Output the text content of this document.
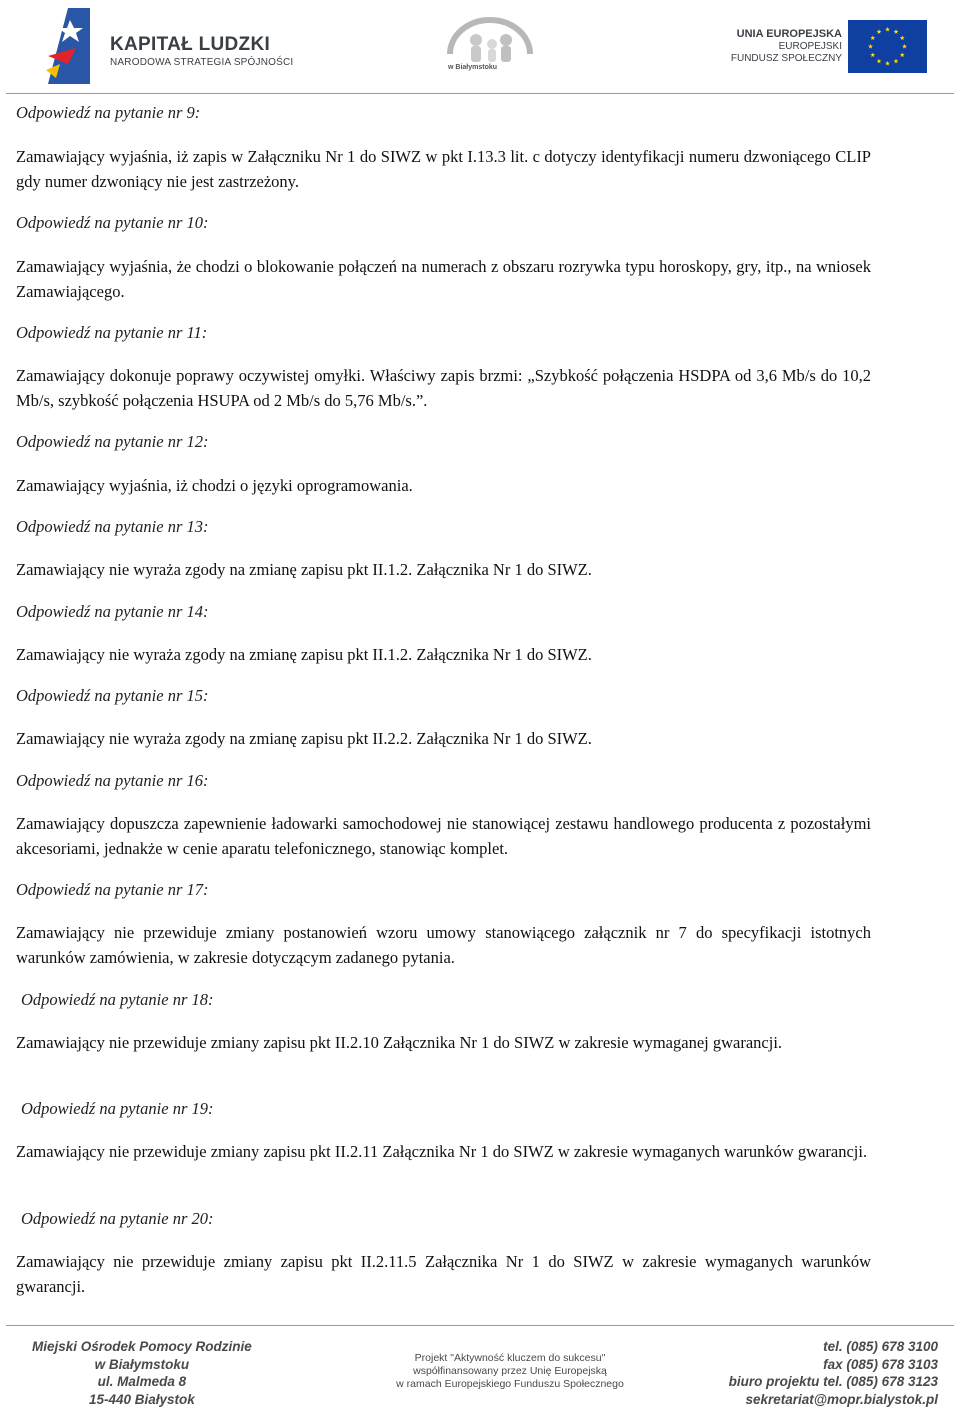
KAPITAŁ LUDZKI
NARODOWA STRATEGIA SPÓJNOŚCI	w Białymstoku
UNIA EUROPEJSKA
EUROPEJSKI
FUNDUSZ SPOŁECZNY

Odpowiedź na pytanie nr 9:

Zamawiający wyjaśnia, iż zapis w Załączniku Nr 1 do SIWZ w pkt I.13.3 lit. c dotyczy identyfikacji numeru dzwoniącego CLIP gdy numer dzwoniący nie jest zastrzeżony.

Odpowiedź na pytanie nr 10:

Zamawiający wyjaśnia, że chodzi o blokowanie połączeń na numerach z obszaru rozrywka typu horoskopy, gry, itp., na wniosek Zamawiającego.

Odpowiedź na pytanie nr 11:

Zamawiający dokonuje poprawy oczywistej omyłki. Właściwy zapis brzmi: „Szybkość połączenia HSDPA od 3,6 Mb/s do 10,2 Mb/s, szybkość połączenia HSUPA od 2 Mb/s do 5,76 Mb/s.”.

Odpowiedź na pytanie nr 12:

Zamawiający wyjaśnia, iż chodzi o języki oprogramowania.

Odpowiedź na pytanie nr 13:

Zamawiający nie wyraża zgody na zmianę zapisu pkt II.1.2. Załącznika Nr 1 do SIWZ.

Odpowiedź na pytanie nr 14:

Zamawiający nie wyraża zgody na zmianę zapisu pkt II.1.2. Załącznika Nr 1 do SIWZ.

Odpowiedź na pytanie nr 15:

Zamawiający nie wyraża zgody na zmianę zapisu pkt II.2.2. Załącznika Nr 1 do SIWZ.

Odpowiedź na pytanie nr 16:

Zamawiający dopuszcza zapewnienie ładowarki samochodowej nie stanowiącej zestawu handlowego producenta z pozostałymi akcesoriami, jednakże w cenie aparatu telefonicznego, stanowiąc komplet.

Odpowiedź na pytanie nr 17:

Zamawiający nie przewiduje zmiany postanowień wzoru umowy stanowiącego załącznik nr 7 do specyfikacji istotnych warunków zamówienia, w zakresie dotyczącym zadanego pytania.

Odpowiedź na pytanie nr 18:

Zamawiający nie przewiduje zmiany zapisu pkt II.2.10 Załącznika Nr 1 do SIWZ w zakresie wymaganej gwarancji.

Odpowiedź na pytanie nr 19:

Zamawiający nie przewiduje zmiany zapisu pkt II.2.11 Załącznika Nr 1 do SIWZ w zakresie wymaganych warunków gwarancji.

Odpowiedź na pytanie nr 20:

Zamawiający nie przewiduje zmiany zapisu pkt II.2.11.5 Załącznika Nr 1 do SIWZ w zakresie wymaganych warunków gwarancji.

Miejski Ośrodek Pomocy Rodzinie
w Białymstoku
ul. Malmeda 8
15-440 Białystok
Projekt "Aktywność kluczem do sukcesu"
współfinansowany przez Unię Europejską
w ramach Europejskiego Funduszu Społecznego
tel. (085) 678 3100
fax (085) 678 3103
biuro projektu tel. (085) 678 3123
sekretariat@mopr.bialystok.pl
